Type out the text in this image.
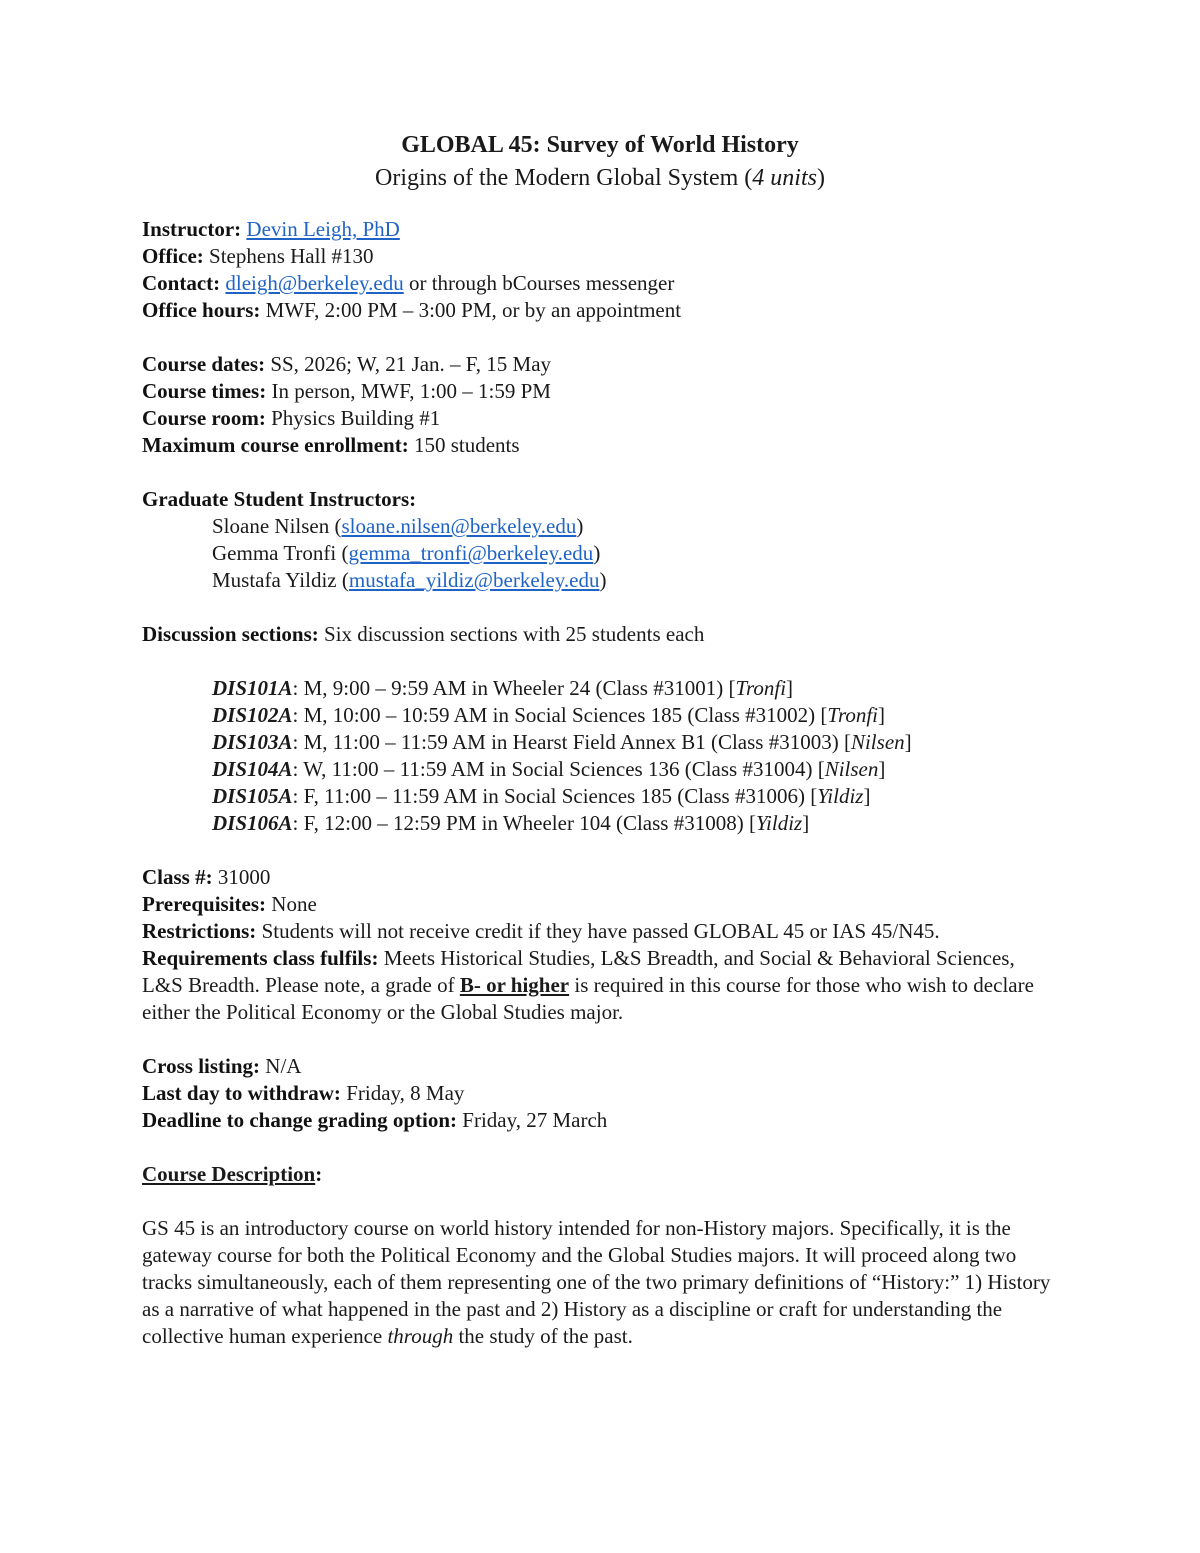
GLOBAL 45: Survey of World History
Origins of the Modern Global System (4 units)
Instructor: Devin Leigh, PhD
Office: Stephens Hall #130
Contact: dleigh@berkeley.edu or through bCourses messenger
Office hours: MWF, 2:00 PM – 3:00 PM, or by an appointment
Course dates: SS, 2026; W, 21 Jan. – F, 15 May
Course times: In person, MWF, 1:00 – 1:59 PM
Course room: Physics Building #1
Maximum course enrollment: 150 students
Graduate Student Instructors:
Sloane Nilsen (sloane.nilsen@berkeley.edu)
Gemma Tronfi (gemma_tronfi@berkeley.edu)
Mustafa Yildiz (mustafa_yildiz@berkeley.edu)
Discussion sections: Six discussion sections with 25 students each
DIS101A: M, 9:00 – 9:59 AM in Wheeler 24 (Class #31001) [Tronfi]
DIS102A: M, 10:00 – 10:59 AM in Social Sciences 185 (Class #31002) [Tronfi]
DIS103A: M, 11:00 – 11:59 AM in Hearst Field Annex B1 (Class #31003) [Nilsen]
DIS104A: W, 11:00 – 11:59 AM in Social Sciences 136 (Class #31004) [Nilsen]
DIS105A: F, 11:00 – 11:59 AM in Social Sciences 185 (Class #31006) [Yildiz]
DIS106A: F, 12:00 – 12:59 PM in Wheeler 104 (Class #31008) [Yildiz]
Class #: 31000
Prerequisites: None
Restrictions: Students will not receive credit if they have passed GLOBAL 45 or IAS 45/N45.

Requirements class fulfils: Meets Historical Studies, L&S Breadth, and Social & Behavioral Sciences, L&S Breadth. Please note, a grade of B- or higher is required in this course for those who wish to declare either the Political Economy or the Global Studies major.

Cross listing: N/A
Last day to withdraw: Friday, 8 May
Deadline to change grading option: Friday, 27 March
Course Description:

GS 45 is an introductory course on world history intended for non-History majors. Specifically, it is the gateway course for both the Political Economy and the Global Studies majors. It will proceed along two tracks simultaneously, each of them representing one of the two primary definitions of “History:” 1) History as a narrative of what happened in the past and 2) History as a discipline or craft for understanding the collective human experience through the study of the past.
